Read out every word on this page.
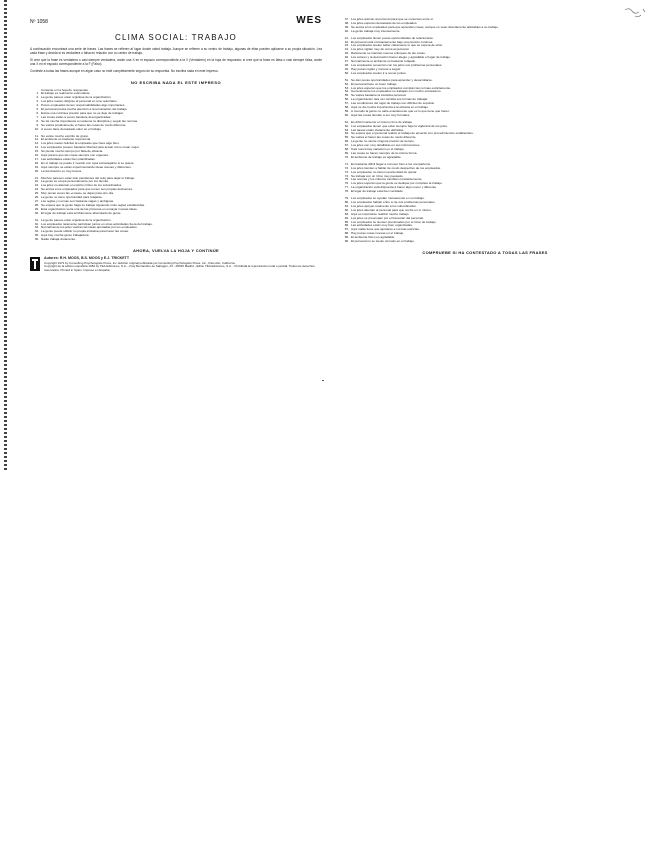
Nº 1058	WES
CLIMA SOCIAL: TRABAJO

A continuación encontrará una serie de frases. Las frases se refieren al lugar donde usted trabaja. Aunque se refieren a su centro de trabajo, algunas de ellas pueden aplicarse a su propia situación. Lea cada frase y decida si es verdadera o falsa en relación con su centro de trabajo.

Si cree que la frase es verdadera o casi siempre verdadera, anote una X en el espacio correspondiente a la V (Verdadero) en la hoja de respuesta; si cree que la frase es falsa o casi siempre falsa, anote una X en el espacio correspondiente a la F (Falso).

Conteste a todas las frases aunque en algún caso no esté completamente seguro de su respuesta. No escriba nada en este impreso.

NO ESCRIBA NADA EL ESTE IMPRESO
Conteste en la hoja de respuestas
1. El trabajo es realmente estimulante.
2. La gente parece estar orgullosa de la organización.
3. Los jefes suelen dirigirse al personal en tono autoritario.
4. Pocos empleados tienen responsabilidades algo importantes.
5. El personal presta mucha atención a la terminación del trabajo.
6. Existe una continua presión para que no se deje de trabajar.
7. Las cosas están a veces bastante desorganizadas.
8. Se da mucha importancia a mantener la disciplina y seguir las normas.
9. Se valora positivamente el hacer las cosas de modo diferente.
10. A veces hace demasiado calor en el trabajo.
11. No existe mucho espíritu de grupo.
12. El ambiente es bastante impersonal.
13. Los jefes suelen felicitar al empleado que hace algo bien.
14. Los empleados poseen bastante libertad para actuar como crean mejor.
15. Se pierde mucho tiempo por falta de eficacia.
16. Aquí parece que las cosas siempre son urgentes.
17. Las actividades están bien planificadas.
18. En el trabajo se puede ir vestido con ropa extravagante si se quiere.
19. Aquí siempre se están experimentando ideas nuevas y diferentes.
20. La iluminación es muy buena.
21. Muchos parecen estar sólo pendientes del reloj para dejar el trabajo.
22. La gente se ocupa personalmente por los demás.
23. Los jefes no alientan el espíritu crítico de los subordinados.
24. Se anima a los empleados para que tomen sus propias decisiones.
25. Muy pocas veces las «cosas» se dejan para otro día.
26. La gente no tiene oportunidad para relajarse.
27. Las reglas y normas son bastante vagas y ambiguas.
28. Se espera que la gente haga su trabajo siguiendo unas reglas establecidas.
29. Esta organización sería una de las primeras en ensayar nuevas ideas.
30. El lugar de trabajo está terriblemente abarrotado de gente.
31. La gente parece estar orgullosa de la organización.
32. Los empleados raramente participan juntos en otras actividades fuera del trabajo.
33. Normalmente los jefes valoran las ideas aportadas por los empleados.
34. La gente puede utilizar su propia iniciativa para hacer las cosas.
35. Aquí hay mucha gente trabajadora.
36. Nadie trabaja duramente.
AHORA, VUELVA LA HOJA Y CONTINÚE
Autores: R.H. MOOS, B.S. MOOS y E.J. TRICKETT
Copyright 1974 by Consulting Psychologists Press, Inc. Edición original publicada por Consulting Psychologists Press, Inc., Palo Alto, California.
Copyright de la edición española 1984 by TEA Ediciones, S.A. - Fray Bernardino de Sahagún, 24 - 28036 Madrid - Edita: TEA Ediciones, S.A. - Prohibida la reproducción total o parcial. Todos los derechos reservados. Printed in Spain. Impreso en España.
37. Los jefes animan al personal para que se conozcan entre sí.
38. Los jefes esperan demasiado de los empleados.
39. Se anima a los empleados para que aprendan cosas, aunque no sean directamente aplicables a su trabajo.
40. La gente trabaja muy intensamente.
41. Los empleados tienen pocas oportunidades de relacionarse.
42. El personal está constantemente bajo una presión continua.
43. Los empleados suelen saber claramente lo que se espera de ellos.
44. Los jefes vigilan muy de cerca al personal.
45. Raramente se intentan nuevos enfoques de las cosas.
46. Los colores y la decoración hacen alegre y agradable el lugar de trabajo.
47. Normalmente el ambiente es bastante relajado.
48. Los empleados comentan con los jefes sus problemas personales.
49. Hay pocas reglas y normas a seguir.
50. Los empleados suelen ir a comer juntos.
51. Se dan pocas oportunidades para aprender y desarrollarse.
52. El personal hace un buen trabajo.
53. Los jefes esperan que los empleados cumplan las normas estrictamente.
54. Generalmente los empleados no trabajan con mucho entusiasmo.
55. Se valora bastante la iniciativa personal.
56. La organización rara vez cambia sus formas de trabajar.
57. Las condiciones del lugar de trabajo son difíciles de soportar.
58. Aquí se da mucha importancia a la eficacia en el trabajo.
59. A menudo la gente no sabe exactamente qué es lo que tiene que hacer.
60. Aquí las cosas tienden a ser muy formales.
61. Es difícil mantener el mismo ritmo de trabajo.
62. Los empleados tienen que estar siempre bajo la vigilancia de los jefes.
63. Las tareas están claramente definidas.
64. Se espera que el personal realice el trabajo de acuerdo con procedimientos establecidos.
65. Se valora el hacer las cosas de modo diferente.
66. La gente no siente ninguna presión de tiempo.
67. Los jefes son muy detallistas en sus instrucciones.
68. Casi nunca hay variación en el trabajo.
69. Las cosas se hacen siempre de la misma forma.
70. El ambiente de trabajo es agradable.
71. Es bastante difícil llegar a conocer bien a los compañeros.
72. Los jefes tienden a hablar de modo despectivo de los empleados.
73. Los empleados no tienen oportunidad de opinar.
74. Se trabaja con un ritmo muy pausado.
75. Las normas y los criterios cambian constantemente.
76. Los jefes esperan que la gente se dedique por completo al trabajo.
77. La organización está dispuesta a hacer algo nuevo y diferente.
78. El lugar de trabajo está bien ventilado.
79. Los empleados se ayudan mutuamente en su trabajo.
80. Los empleados hablan entre sí de sus problemas personales.
81. Los jefes apoyan realmente a los subordinados.
82. Los jefes alientan al personal para que confíe en sí mismo.
83. Aquí es importante realizar mucho trabajo.
84. Los jefes se preocupan por el bienestar del personal.
85. Los empleados se sienten presionados por el ritmo de trabajo.
86. Las actividades están muy bien organizadas.
87. Aquí nadie tiene que ajustarse a normas estrictas.
88. Hay pocas cosas nuevas en el trabajo.
89. El ambiente físico es agradable.
90. El personal no se siente cómodo en el trabajo.
COMPRUEBE SI HA CONTESTADO A TODAS LAS FRASES
